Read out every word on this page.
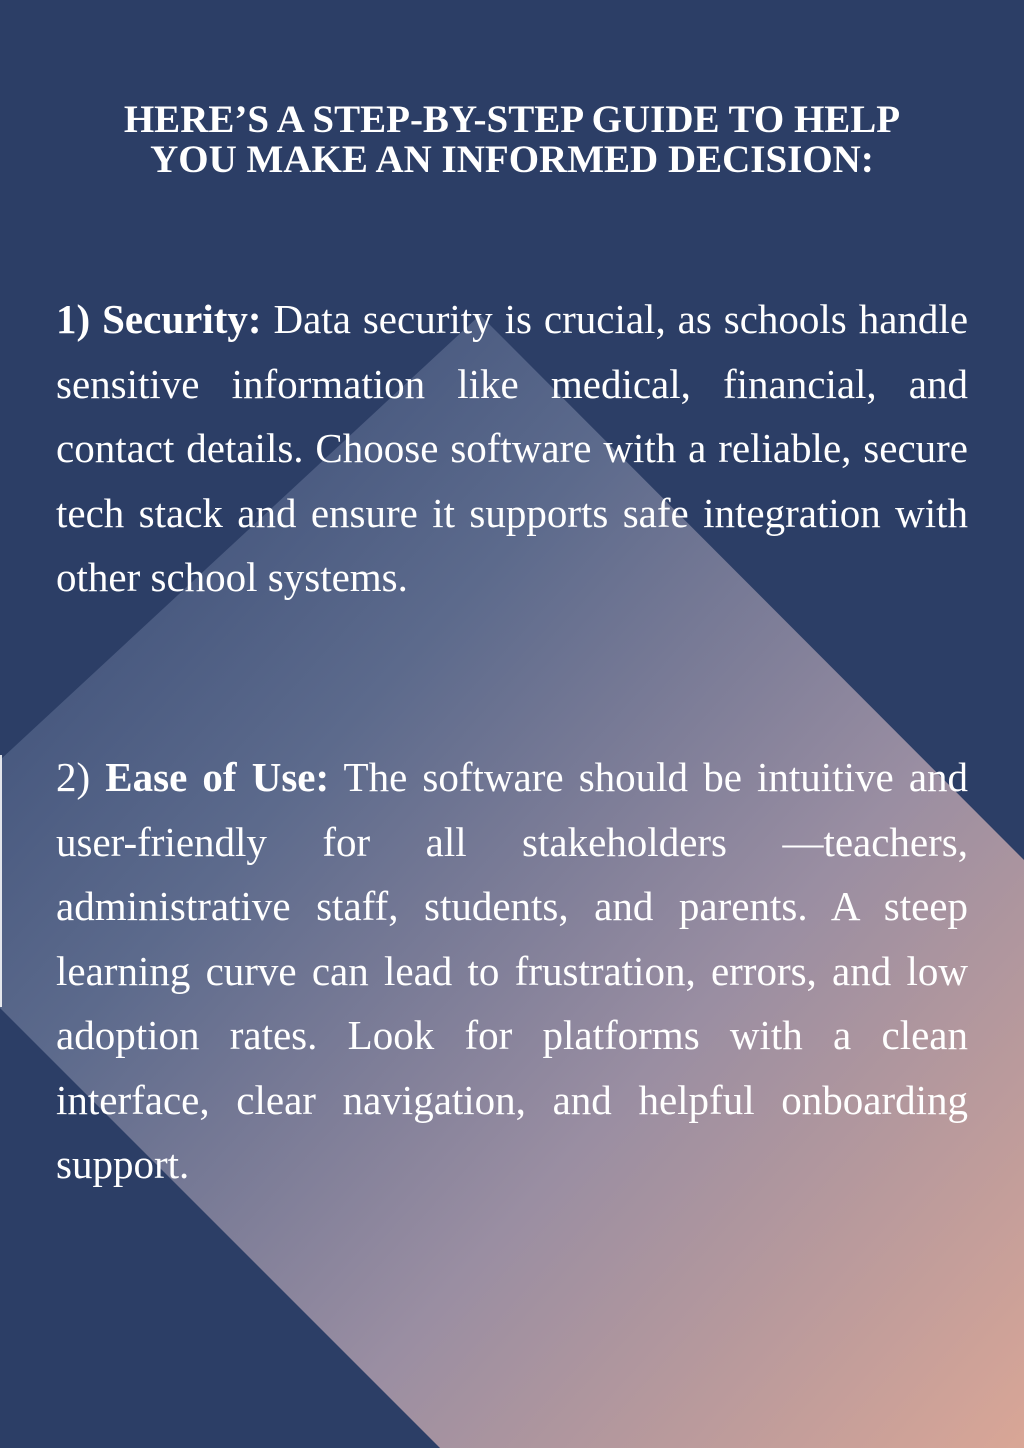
HERE’S A STEP-BY-STEP GUIDE TO HELP
YOU MAKE AN INFORMED DECISION:

1) Security: Data security is crucial, as schools handle sensitive information like medical, financial, and contact details. Choose software with a reliable, secure tech stack and ensure it supports safe integration with other school systems.

2) Ease of Use: The software should be intuitive and user-friendly for all stakeholders —teachers, administrative staff, students, and parents. A steep learning curve can lead to frustration, errors, and low adoption rates. Look for platforms with a clean interface, clear navigation, and helpful onboarding support.
